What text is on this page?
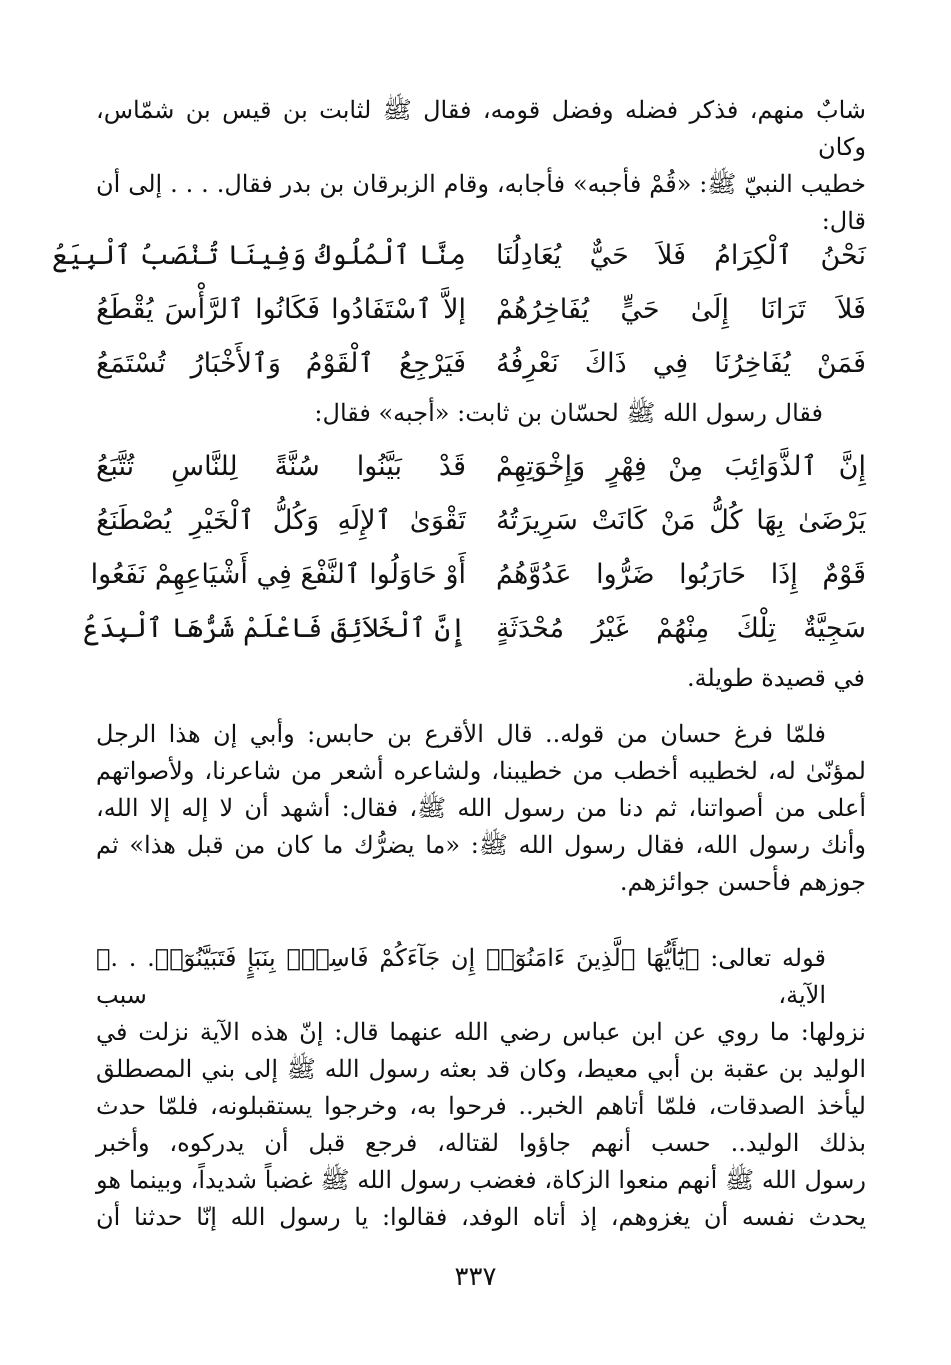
شابٌ منهم، فذكر فضله وفضل قومه، فقال ﷺ لثابت بن قيس بن شمّاس، وكان
خطيب النبيّ ﷺ: «قُمْ فأجبه» فأجابه، وقام الزبرقان بن بدر فقال. . . . إلى أن
قال:
نَحْنُ ٱلْكِرَامُ فَلاَ حَيٌّ يُعَادِلُنَا
مِنَّا ٱلْمُلُوكُ وَفِينَا تُنْصَبُ ٱلْبِيَعُ
فَلاَ تَرَانَا إِلَىٰ حَيٍّ يُفَاخِرُهُمْ
إلاَّ ٱسْتَفَادُوا فَكَانُوا ٱلرَّأْسَ يُقْطَعُ
فَمَنْ يُفَاخِرُنَا فِي ذَاكَ نَعْرِفُهُ
فَيَرْجِعُ ٱلْقَوْمُ وَٱلأَخْبَارُ تُسْتَمَعُ
فقال رسول الله ﷺ لحسّان بن ثابت: «أجبه» فقال:
إِنَّ ٱلذَّوَائِبَ مِنْ فِهْرٍ وَإِخْوَتِهِمْ
قَدْ بَيَّنُوا سُنَّةً لِلنَّاسِ تُتَّبَعُ
يَرْضَىٰ بِهَا كُلُّ مَنْ كَانَتْ سَرِيرَتُهُ
تَقْوَىٰ ٱلإِلَهِ وَكُلُّ ٱلْخَيْرِ يُصْطَنَعُ
قَوْمٌ إِذَا حَارَبُوا ضَرُّوا عَدُوَّهُمُ
أَوْ حَاوَلُوا ٱلنَّفْعَ فِي أَشْيَاعِهِمْ نَفَعُوا
سَجِيَّةٌ تِلْكَ مِنْهُمْ غَيْرُ مُحْدَثَةٍ
إِنَّ ٱلْخَلاَئِقَ فَاعْلَمْ شَرُّهَا ٱلْبِدَعُ
في قصيدة طويلة.
فلمّا فرغ حسان من قوله.. قال الأقرع بن حابس: وأبي إن هذا الرجل
لمؤنّىٰ له، لخطيبه أخطب من خطيبنا، ولشاعره أشعر من شاعرنا، ولأصواتهم
أعلى من أصواتنا، ثم دنا من رسول الله ﷺ، فقال: أشهد أن لا إله إلا الله،
وأنك رسول الله، فقال رسول الله ﷺ: «ما يضرُّك ما كان من قبل هذا» ثم
جوزهم فأحسن جوائزهم.
قوله تعالى: ﴿يَٰٓأَيُّهَا ٱلَّذِينَ ءَامَنُوٓا۟ إِن جَآءَكُمْ فَاسِقٌۢ بِنَبَإٍ فَتَبَيَّنُوٓا۟. . .﴾ الآية، سبب
نزولها: ما روي عن ابن عباس رضي الله عنهما قال: إنّ هذه الآية نزلت في
الوليد بن عقبة بن أبي معيط، وكان قد بعثه رسول الله ﷺ إلى بني المصطلق
ليأخذ الصدقات، فلمّا أتاهم الخبر.. فرحوا به، وخرجوا يستقبلونه، فلمّا حدث
بذلك الوليد.. حسب أنهم جاؤوا لقتاله، فرجع قبل أن يدركوه، وأخبر
رسول الله ﷺ أنهم منعوا الزكاة، فغضب رسول الله ﷺ غضباً شديداً، وبينما هو
يحدث نفسه أن يغزوهم، إذ أتاه الوفد، فقالوا: يا رسول الله إنّا حدثنا أن
٣٣٧
